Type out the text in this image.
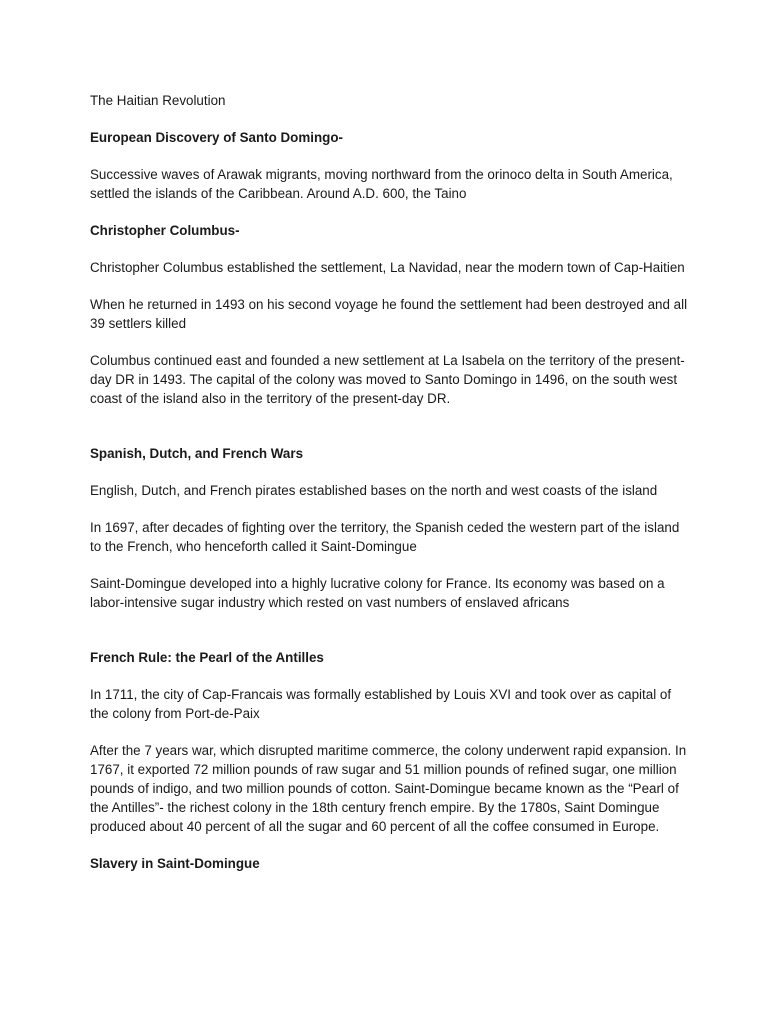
The Haitian Revolution
European Discovery of Santo Domingo-
Successive waves of Arawak migrants, moving northward from the orinoco delta in South America, settled the islands of the Caribbean. Around A.D. 600, the Taino
Christopher Columbus-
Christopher Columbus established the settlement, La Navidad, near the modern town of Cap-Haitien
When he returned in 1493 on his second voyage he found the settlement had been destroyed and all 39 settlers killed
Columbus continued east and founded a new settlement at La Isabela on the territory of the present-day DR in 1493. The capital of the colony was moved to Santo Domingo in 1496, on the south west coast of the island also in the territory of the present-day DR.
Spanish, Dutch, and French Wars
English, Dutch, and French pirates established bases on the north and west coasts of the island
In 1697, after decades of fighting over the territory, the Spanish ceded the western part of the island to the French, who henceforth called it Saint-Domingue
Saint-Domingue developed into a highly lucrative colony for France. Its economy was based on a labor-intensive sugar industry which rested on vast numbers of enslaved africans
French Rule: the Pearl of the Antilles
In 1711, the city of Cap-Francais was formally established by Louis XVI and took over as capital of the colony from Port-de-Paix
After the 7 years war, which disrupted maritime commerce, the colony underwent rapid expansion. In 1767, it exported 72 million pounds of raw sugar and 51 million pounds of refined sugar, one million pounds of indigo, and two million pounds of cotton. Saint-Domingue became known as the “Pearl of the Antilles”- the richest colony in the 18th century french empire. By the 1780s, Saint Domingue produced about 40 percent of all the sugar and 60 percent of all the coffee consumed in Europe.
Slavery in Saint-Domingue
